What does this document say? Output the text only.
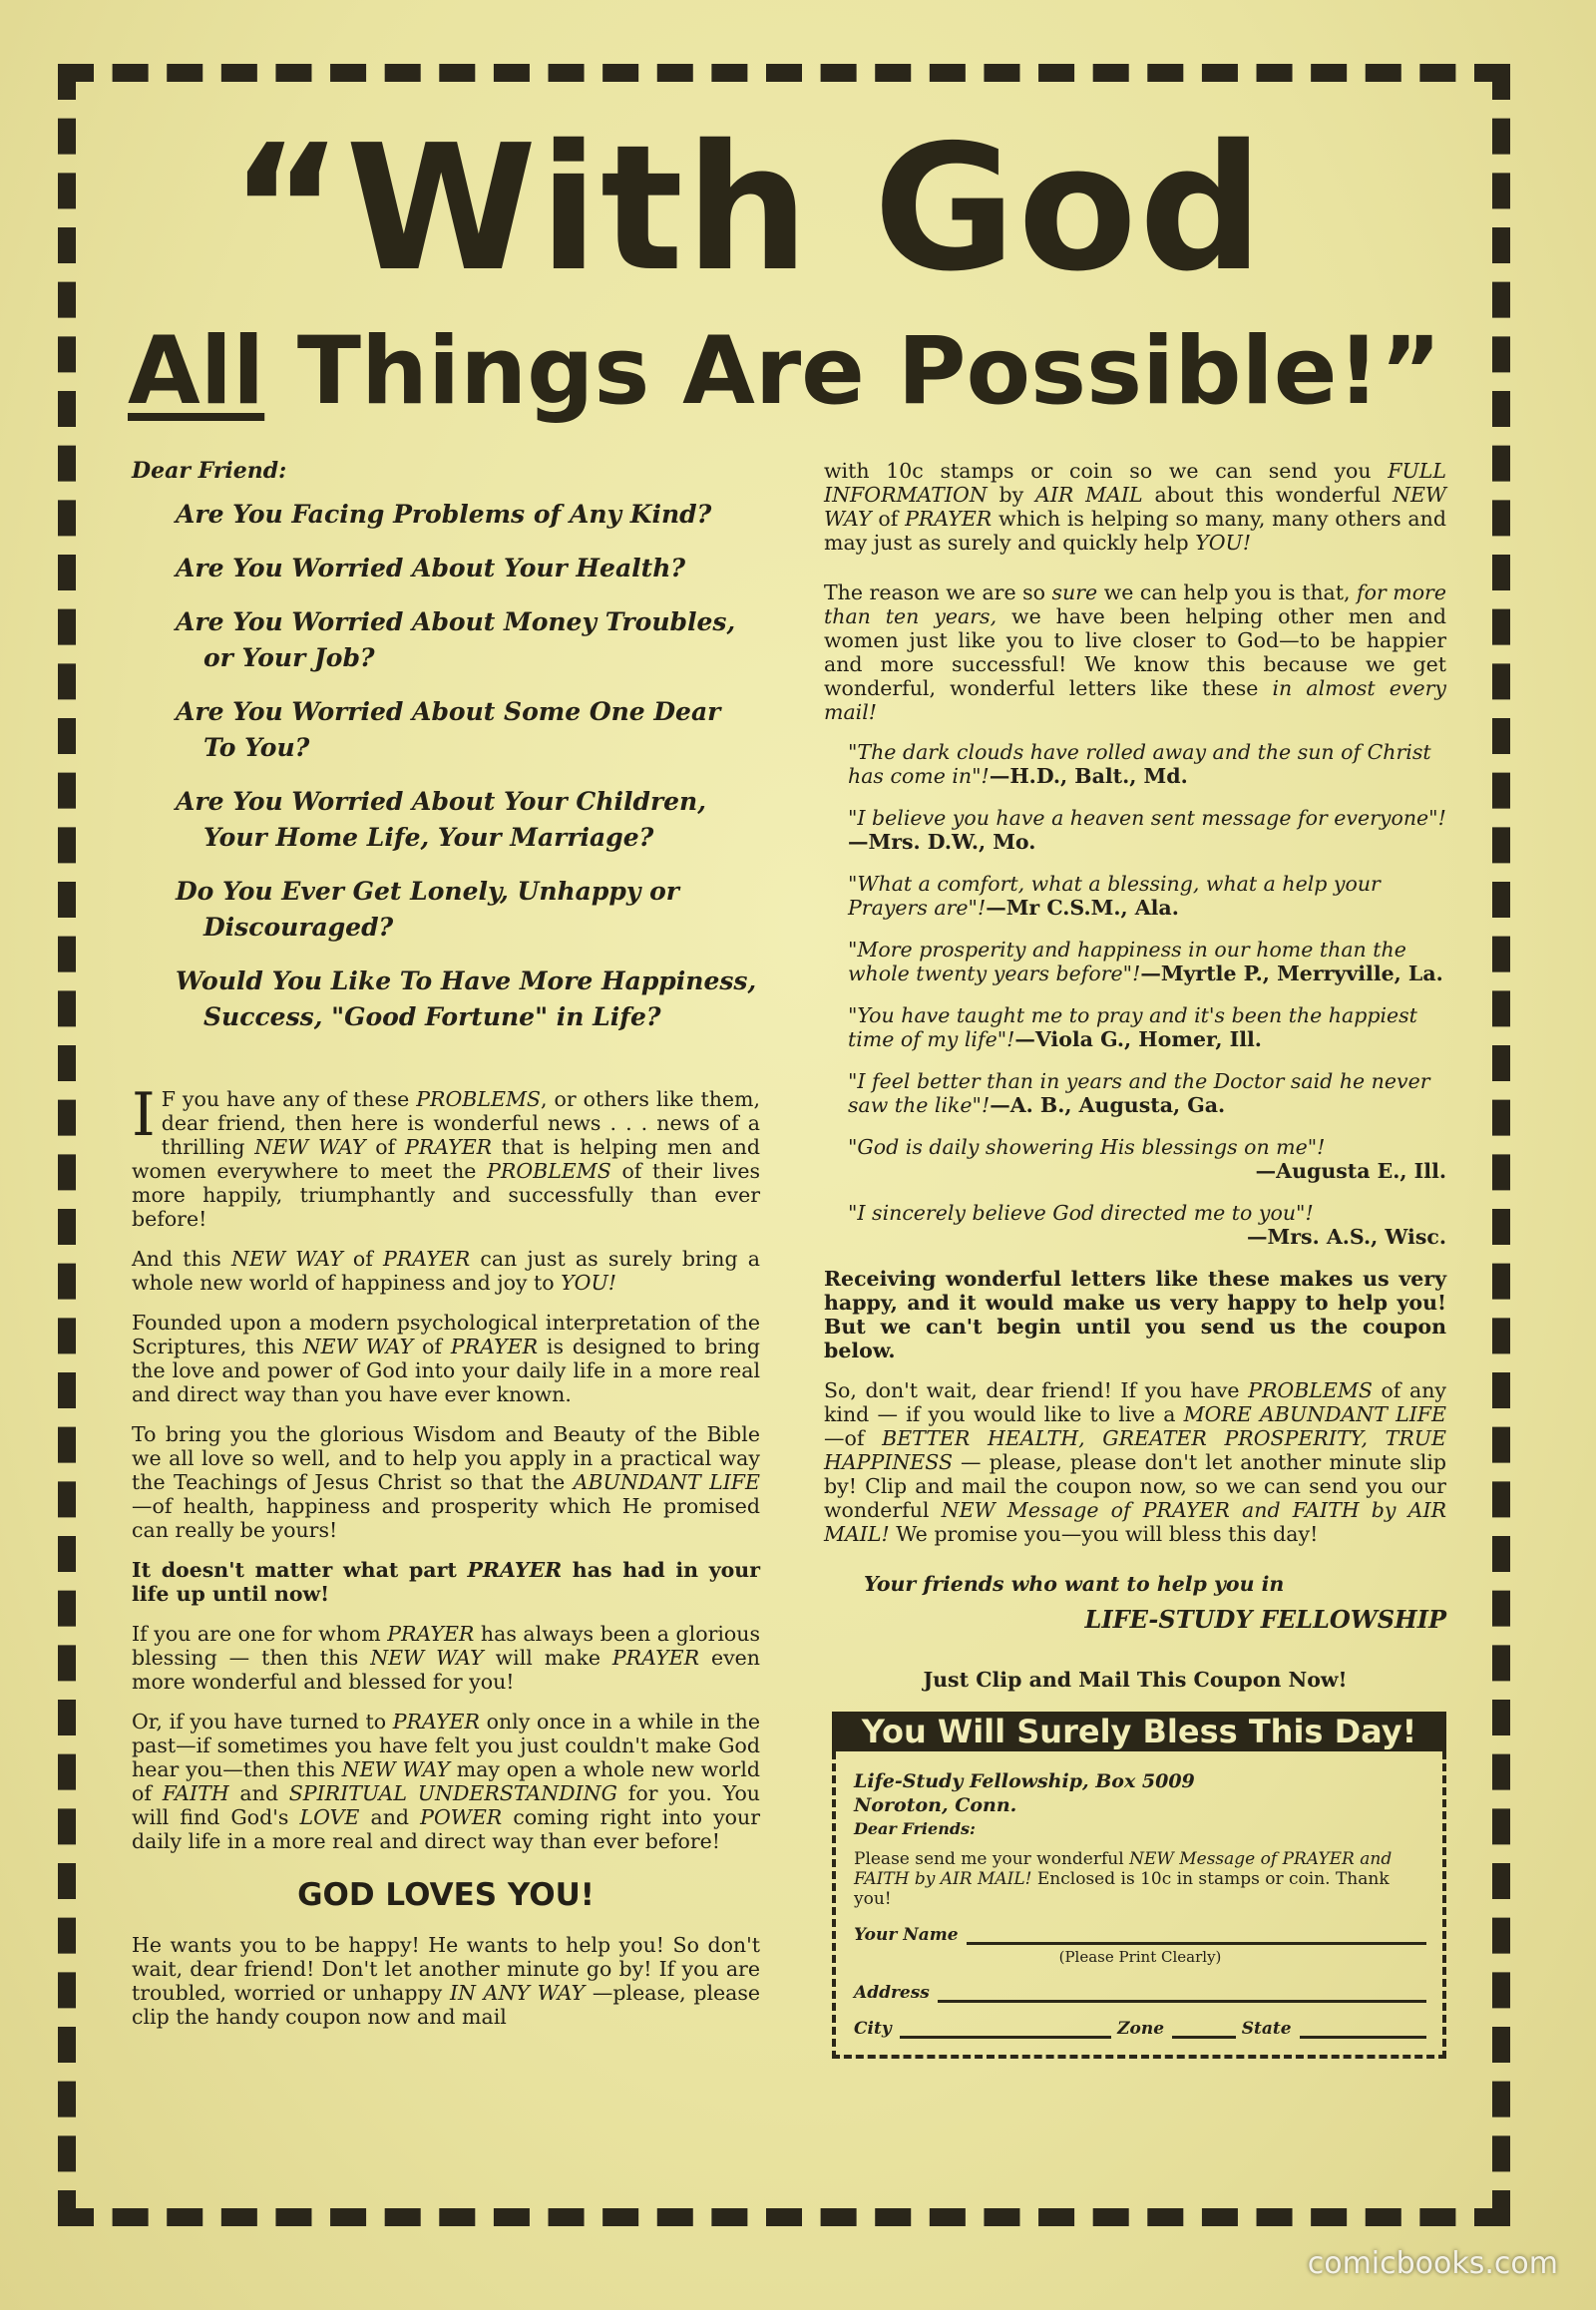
“With God
All Things Are Possible!”
Dear Friend:
Are You Facing Problems of Any Kind?
Are You Worried About Your Health?
Are You Worried About Money Troubles, or Your Job?
Are You Worried About Some One Dear To You?
Are You Worried About Your Children, Your Home Life, Your Marriage?
Do You Ever Get Lonely, Unhappy or Discouraged?
Would You Like To Have More Happiness, Success, "Good Fortune" in Life?

I F you have any of these PROBLEMS, or others like them, dear friend, then here is wonderful news . . . news of a thrilling NEW WAY of PRAYER that is helping men and women everywhere to meet the PROBLEMS of their lives more happily, triumphantly and successfully than ever before!

And this NEW WAY of PRAYER can just as surely bring a whole new world of happiness and joy to YOU!

Founded upon a modern psychological interpretation of the Scriptures, this NEW WAY of PRAYER is designed to bring the love and power of God into your daily life in a more real and direct way than you have ever known.

To bring you the glorious Wisdom and Beauty of the Bible we all love so well, and to help you apply in a practical way the Teachings of Jesus Christ so that the ABUNDANT LIFE—of health, happiness and prosperity which He promised can really be yours!

It doesn't matter what part PRAYER has had in your life up until now!

If you are one for whom PRAYER has always been a glorious blessing — then this NEW WAY will make PRAYER even more wonderful and blessed for you!

Or, if you have turned to PRAYER only once in a while in the past—if sometimes you have felt you just couldn't make God hear you—then this NEW WAY may open a whole new world of FAITH and SPIRITUAL UNDERSTANDING for you. You will find God's LOVE and POWER coming right into your daily life in a more real and direct way than ever before!

GOD LOVES YOU!

He wants you to be happy! He wants to help you! So don't wait, dear friend! Don't let another minute go by! If you are troubled, worried or unhappy IN ANY WAY —please, please clip the handy coupon now and mail

with 10c stamps or coin so we can send you FULL INFORMATION by AIR MAIL about this wonderful NEW WAY of PRAYER which is helping so many, many others and may just as surely and quickly help YOU!

The reason we are so sure we can help you is that, for more than ten years, we have been helping other men and women just like you to live closer to God—to be happier and more successful! We know this because we get wonderful, wonderful letters like these in almost every mail!

"The dark clouds have rolled away and the sun of Christ has come in"!—H.D., Balt., Md.
"I believe you have a heaven sent message for everyone"!—Mrs. D.W., Mo.
"What a comfort, what a blessing, what a help your Prayers are"!—Mr C.S.M., Ala.
"More prosperity and happiness in our home than the whole twenty years before"!—Myrtle P., Merryville, La.
"You have taught me to pray and it's been the happiest time of my life"!—Viola G., Homer, Ill.
"I feel better than in years and the Doctor said he never saw the like"!—A. B., Augusta, Ga.
"God is daily showering His blessings on me"!
—Augusta E., Ill.
"I sincerely believe God directed me to you"!
—Mrs. A.S., Wisc.

Receiving wonderful letters like these makes us very happy, and it would make us very happy to help you! But we can't begin until you send us the coupon below.

So, don't wait, dear friend! If you have PROBLEMS of any kind — if you would like to live a MORE ABUNDANT LIFE—of BETTER HEALTH, GREATER PROSPERITY, TRUE HAPPINESS — please, please don't let another minute slip by! Clip and mail the coupon now, so we can send you our wonderful NEW Message of PRAYER and FAITH by AIR MAIL! We promise you—you will bless this day!

Your friends who want to help you in
LIFE-STUDY FELLOWSHIP
Just Clip and Mail This Coupon Now!
You Will Surely Bless This Day!
Life-Study Fellowship, Box 5009
Noroton, Conn.
Dear Friends:
Please send me your wonderful NEW Message of PRAYER and FAITH by AIR MAIL! Enclosed is 10c in stamps or coin. Thank you!
Your Name
(Please Print Clearly)
Address
City	Zone	State
comicbooks.com
